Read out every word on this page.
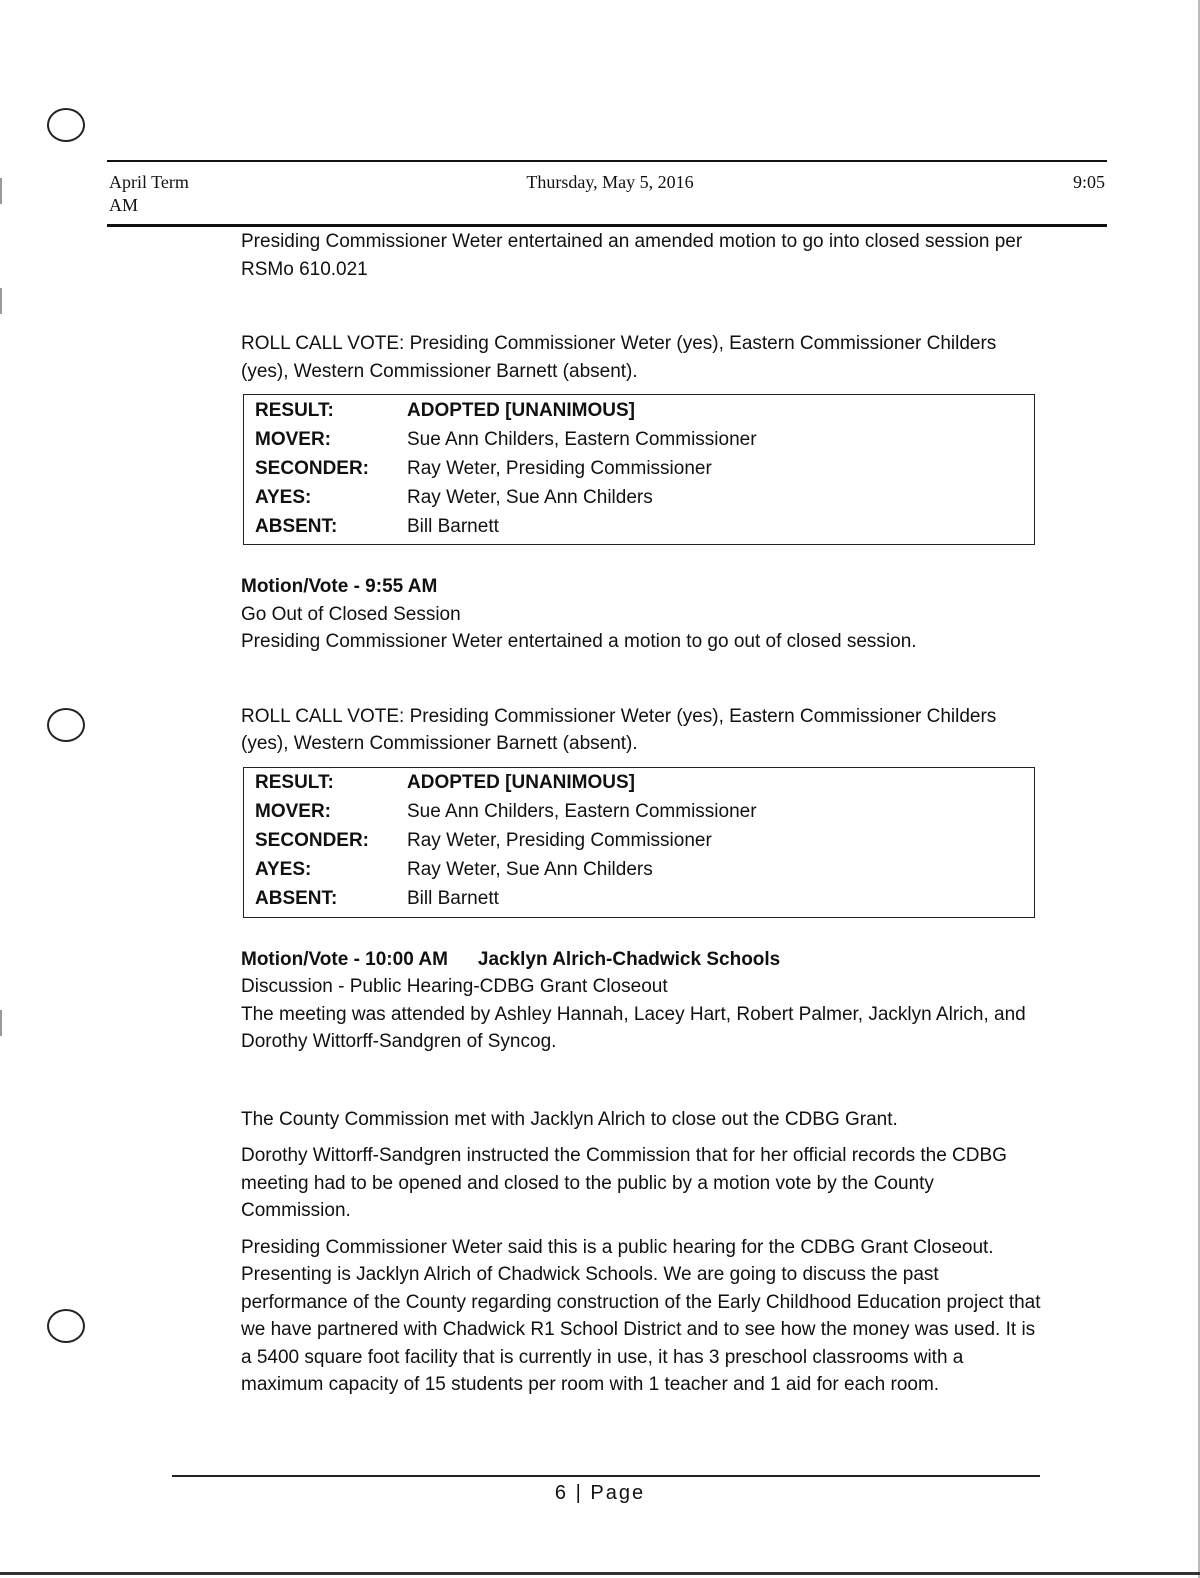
April Term
AM
Thursday, May 5, 2016	9:05

Presiding Commissioner Weter entertained an amended motion to go into closed session per RSMo 610.021

ROLL CALL VOTE: Presiding Commissioner Weter (yes), Eastern Commissioner Childers (yes), Western Commissioner Barnett (absent).

RESULT:	ADOPTED [UNANIMOUS]
MOVER:	Sue Ann Childers, Eastern Commissioner
SECONDER:	Ray Weter, Presiding Commissioner
AYES:	Ray Weter, Sue Ann Childers
ABSENT:	Bill Barnett

Motion/Vote - 9:55 AM

Go Out of Closed Session

Presiding Commissioner Weter entertained a motion to go out of closed session.

ROLL CALL VOTE: Presiding Commissioner Weter (yes), Eastern Commissioner Childers (yes), Western Commissioner Barnett (absent).

RESULT:	ADOPTED [UNANIMOUS]
MOVER:	Sue Ann Childers, Eastern Commissioner
SECONDER:	Ray Weter, Presiding Commissioner
AYES:	Ray Weter, Sue Ann Childers
ABSENT:	Bill Barnett

Motion/Vote - 10:00 AM Jacklyn Alrich-Chadwick Schools

Discussion - Public Hearing-CDBG Grant Closeout

The meeting was attended by Ashley Hannah, Lacey Hart, Robert Palmer, Jacklyn Alrich, and Dorothy Wittorff-Sandgren of Syncog.

The County Commission met with Jacklyn Alrich to close out the CDBG Grant.

Dorothy Wittorff-Sandgren instructed the Commission that for her official records the CDBG meeting had to be opened and closed to the public by a motion vote by the County Commission.

Presiding Commissioner Weter said this is a public hearing for the CDBG Grant Closeout. Presenting is Jacklyn Alrich of Chadwick Schools. We are going to discuss the past performance of the County regarding construction of the Early Childhood Education project that we have partnered with Chadwick R1 School District and to see how the money was used. It is a 5400 square foot facility that is currently in use, it has 3 preschool classrooms with a maximum capacity of 15 students per room with 1 teacher and 1 aid for each room.

6 | Page
